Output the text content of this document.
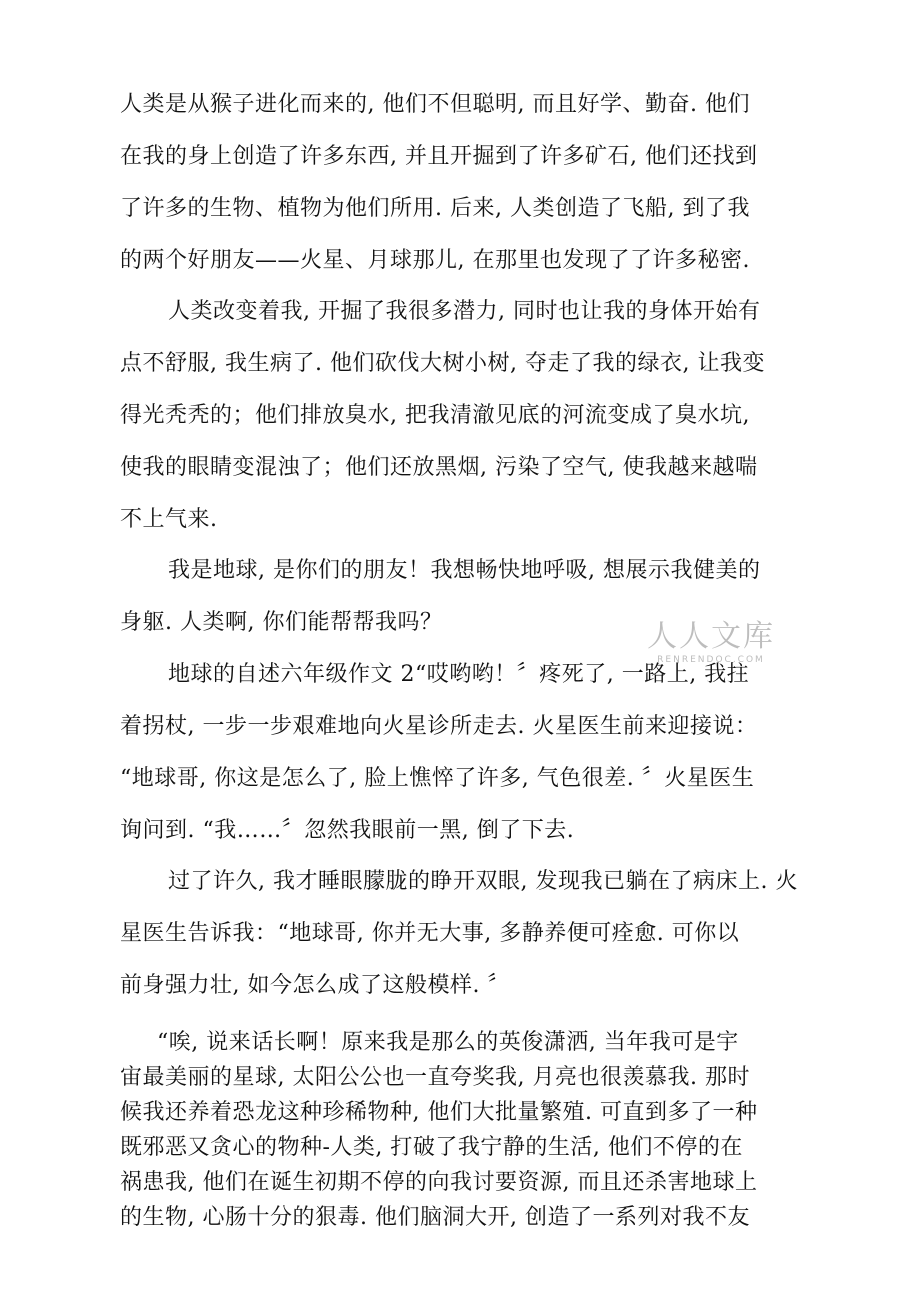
人类是从猴子进化而来的, 他们不但聪明, 而且好学、勤奋. 他们
在我的身上创造了许多东西, 并且开掘到了许多矿石, 他们还找到
了许多的生物、植物为他们所用. 后来, 人类创造了飞船, 到了我
的两个好朋友——火星、月球那儿, 在那里也发现了了许多秘密.
人类改变着我, 开掘了我很多潜力, 同时也让我的身体开始有
点不舒服, 我生病了. 他们砍伐大树小树, 夺走了我的绿衣, 让我变
得光秃秃的；他们排放臭水, 把我清澈见底的河流变成了臭水坑,
使我的眼睛变混浊了；他们还放黑烟, 污染了空气, 使我越来越喘
不上气来.
我是地球, 是你们的朋友！我想畅快地呼吸, 想展示我健美的
身躯. 人类啊, 你们能帮帮我吗？
地球的自述六年级作文 2“哎哟哟！〞疼死了, 一路上, 我拄
着拐杖, 一步一步艰难地向火星诊所走去. 火星医生前来迎接说：
“地球哥, 你这是怎么了, 脸上憔悴了许多, 气色很差. 〞火星医生
询问到. “我……〞忽然我眼前一黑, 倒了下去.
过了许久, 我才睡眼朦胧的睁开双眼, 发现我已躺在了病床上. 火
星医生告诉我：“地球哥, 你并无大事, 多静养便可痊愈. 可你以
前身强力壮, 如今怎么成了这般模样. 〞
“唉, 说来话长啊！原来我是那么的英俊潇洒, 当年我可是宇
宙最美丽的星球, 太阳公公也一直夸奖我, 月亮也很羡慕我. 那时
候我还养着恐龙这种珍稀物种, 他们大批量繁殖. 可直到多了一种
既邪恶又贪心的物种-人类, 打破了我宁静的生活, 他们不停的在
祸患我, 他们在诞生初期不停的向我讨要资源, 而且还杀害地球上
的生物, 心肠十分的狠毒. 他们脑洞大开, 创造了一系列对我不友
人人文库
RENRENDOC.COM
